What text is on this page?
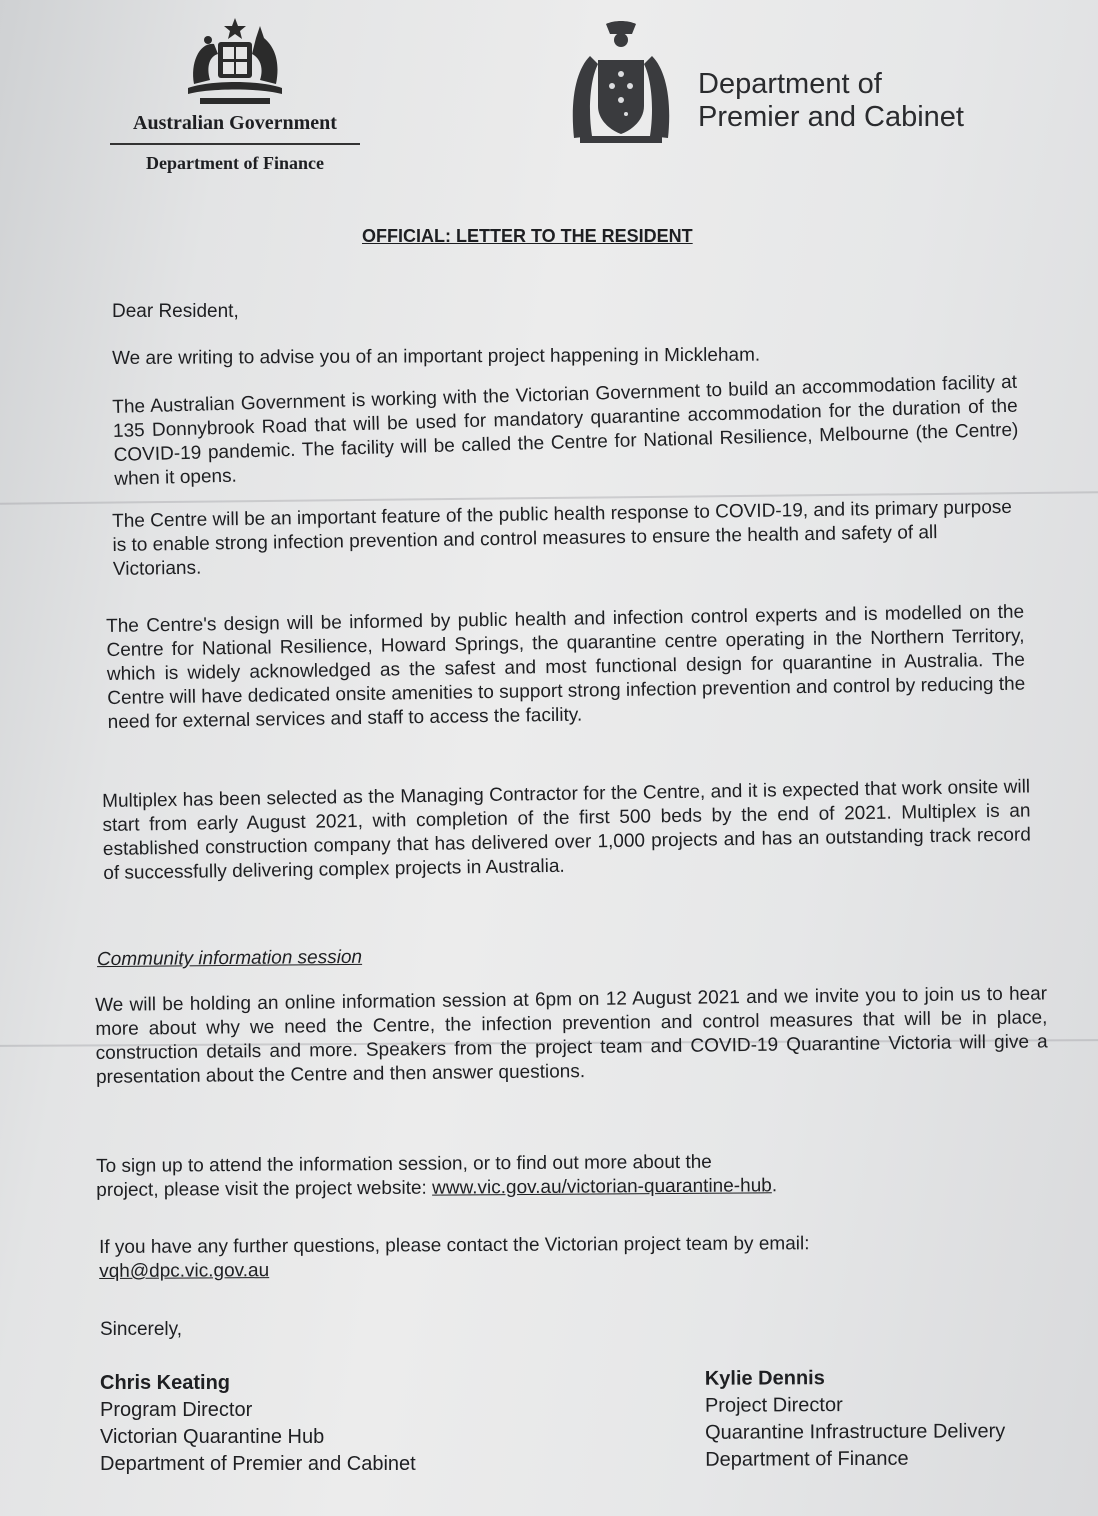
Australian Government
Department of Finance
Department of
Premier and Cabinet
OFFICIAL: LETTER TO THE RESIDENT
Dear Resident,
We are writing to advise you of an important project happening in Mickleham.
The Australian Government is working with the Victorian Government to build an accommodation facility at 135 Donnybrook Road that will be used for mandatory quarantine accommodation for the duration of the COVID-19 pandemic. The facility will be called the Centre for National Resilience, Melbourne (the Centre) when it opens.
The Centre will be an important feature of the public health response to COVID-19, and its primary purpose is to enable strong infection prevention and control measures to ensure the health and safety of all Victorians.
The Centre's design will be informed by public health and infection control experts and is modelled on the Centre for National Resilience, Howard Springs, the quarantine centre operating in the Northern Territory, which is widely acknowledged as the safest and most functional design for quarantine in Australia. The Centre will have dedicated onsite amenities to support strong infection prevention and control by reducing the need for external services and staff to access the facility.
Multiplex has been selected as the Managing Contractor for the Centre, and it is expected that work onsite will start from early August 2021, with completion of the first 500 beds by the end of 2021. Multiplex is an established construction company that has delivered over 1,000 projects and has an outstanding track record of successfully delivering complex projects in Australia.
Community information session
We will be holding an online information session at 6pm on 12 August 2021 and we invite you to join us to hear more about why we need the Centre, the infection prevention and control measures that will be in place, construction details and more. Speakers from the project team and COVID-19 Quarantine Victoria will give a presentation about the Centre and then answer questions.
To sign up to attend the information session, or to find out more about the
project, please visit the project website: www.vic.gov.au/victorian-quarantine-hub.
If you have any further questions, please contact the Victorian project team by email:
vqh@dpc.vic.gov.au
Sincerely,
Chris Keating
Program Director
Victorian Quarantine Hub
Department of Premier and Cabinet
Kylie Dennis
Project Director
Quarantine Infrastructure Delivery
Department of Finance
